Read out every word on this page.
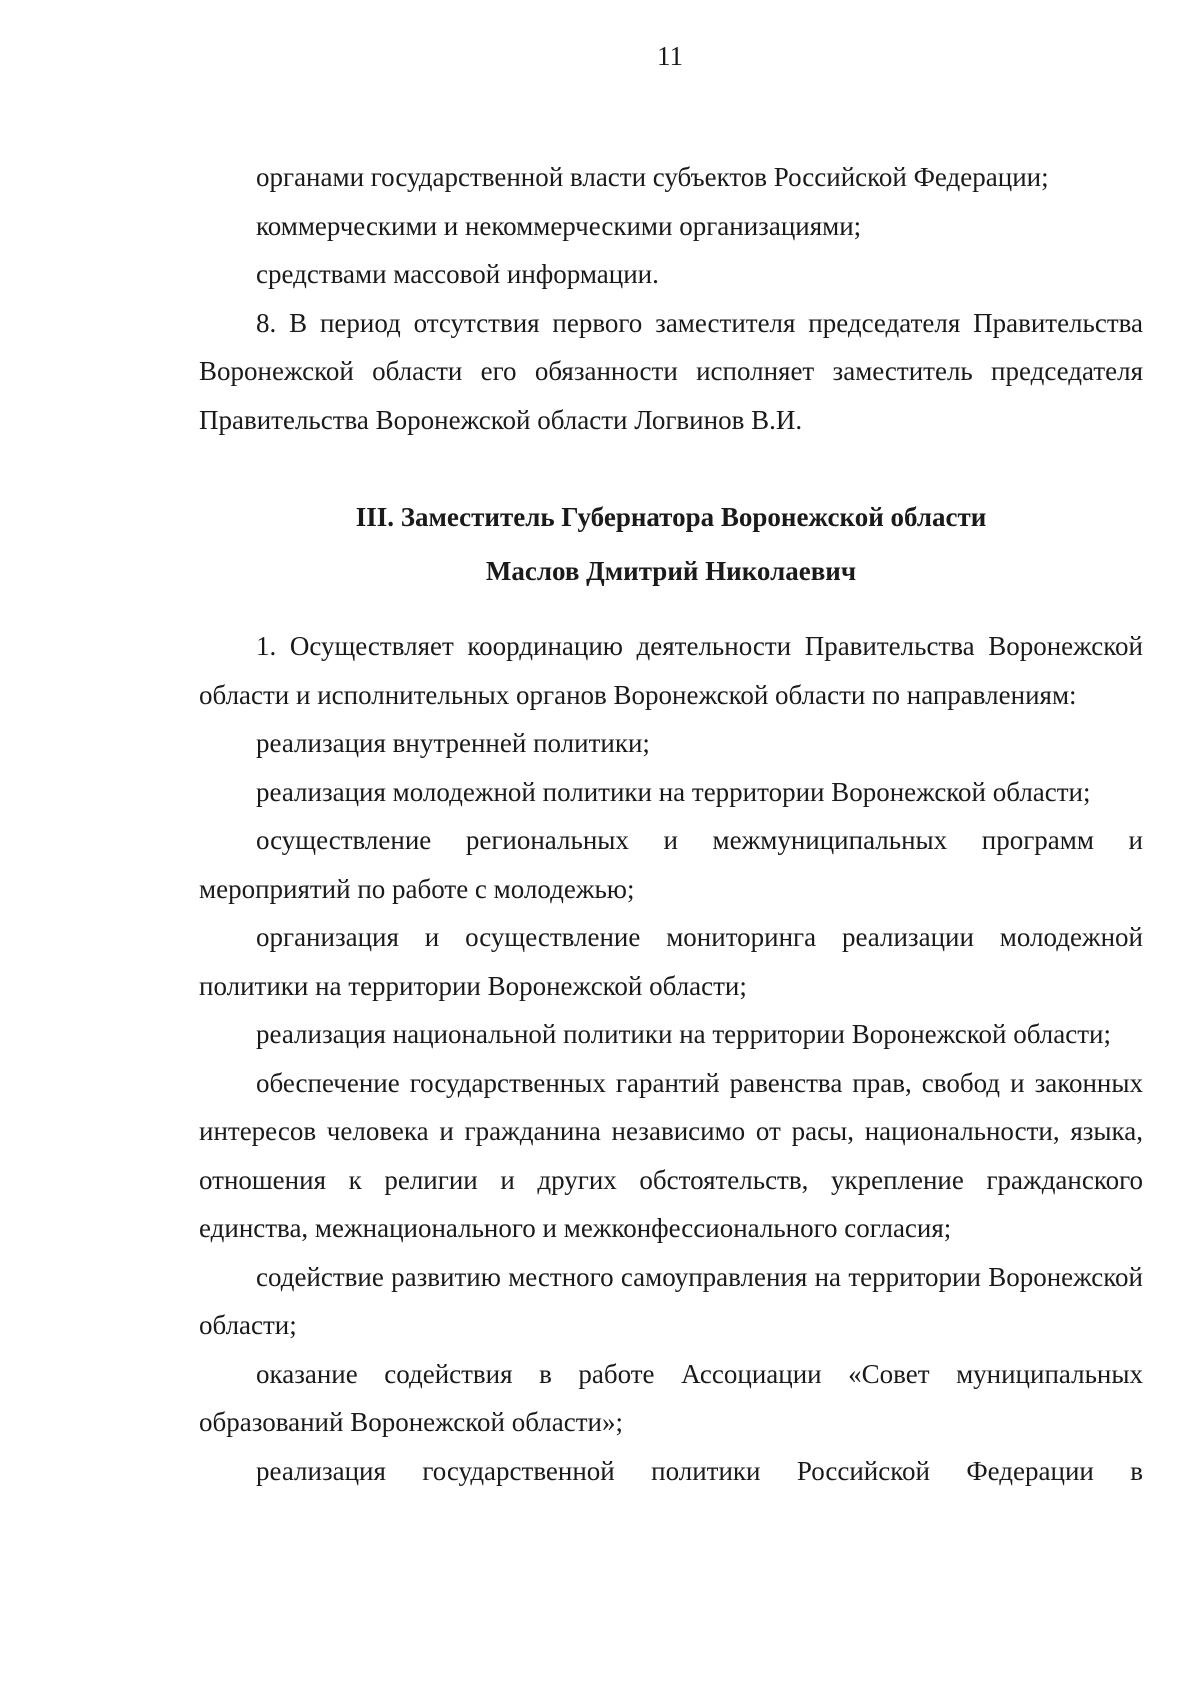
11

органами государственной власти субъектов Российской Федерации;

коммерческими и некоммерческими организациями;

средствами массовой информации.

8. В период отсутствия первого заместителя председателя Правительства Воронежской области его обязанности исполняет заместитель председателя Правительства Воронежской области Логвинов В.И.

III. Заместитель Губернатора Воронежской области
Маслов Дмитрий Николаевич

1. Осуществляет координацию деятельности Правительства Воронежской области и исполнительных органов Воронежской области по направлениям:

реализация внутренней политики;

реализация молодежной политики на территории Воронежской области;

осуществление региональных и межмуниципальных программ и мероприятий по работе с молодежью;

организация и осуществление мониторинга реализации молодежной политики на территории Воронежской области;

реализация национальной политики на территории Воронежской области;

обеспечение государственных гарантий равенства прав, свобод и законных интересов человека и гражданина независимо от расы, национальности, языка, отношения к религии и других обстоятельств, укрепление гражданского единства, межнационального и межконфессионального согласия;

содействие развитию местного самоуправления на территории Воронежской области;

оказание содействия в работе Ассоциации «Совет муниципальных образований Воронежской области»;

реализация государственной политики Российской Федерации в
